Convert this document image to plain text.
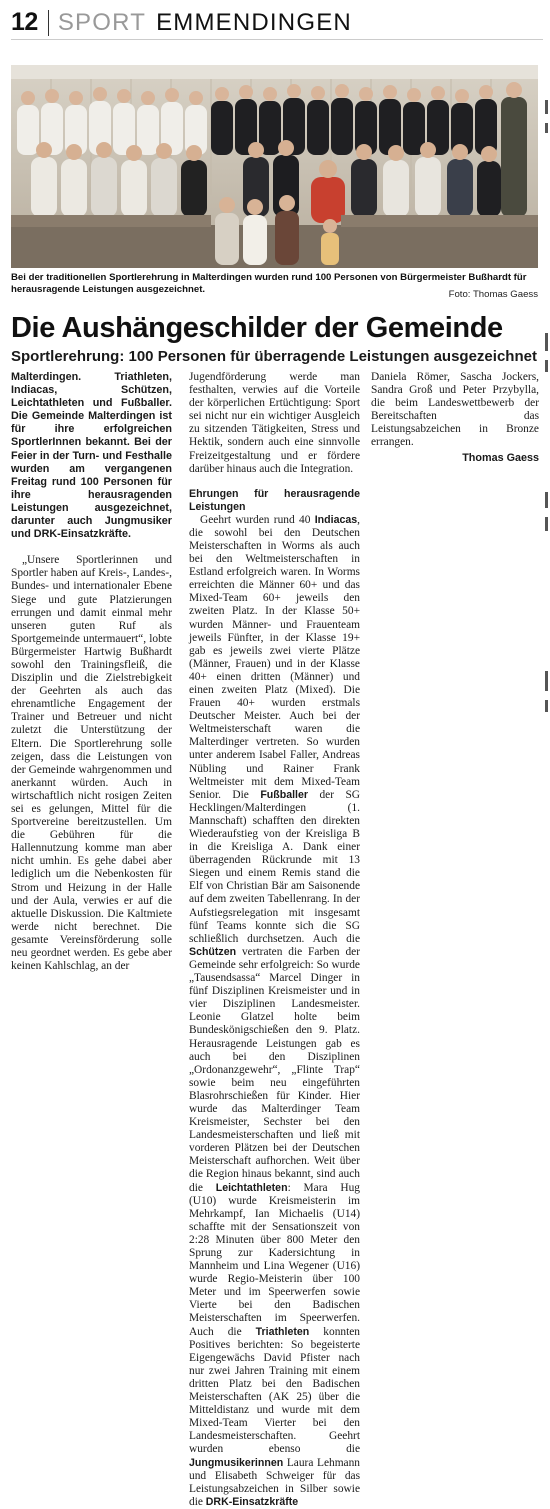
12 SPORT EMMENDINGEN

Bei der traditionellen Sportlerehrung in Malterdingen wurden rund 100 Personen von Bürgermeister Bußhardt für herausragende Leistungen ausgezeichnet.	Foto: Thomas Gaess
Die Aushängeschilder der Gemeinde
Sportlerehrung: 100 Personen für überragende Leistungen ausgezeichnet

Malterdingen. Triathleten, Indiacas, Schützen, Leichtathleten und Fußballer. Die Gemeinde Malterdingen ist für ihre erfolgreichen SportlerInnen bekannt. Bei der Feier in der Turn- und Festhalle wurden am vergangenen Freitag rund 100 Personen für ihre herausragenden Leistungen ausgezeichnet, darunter auch Jungmusiker und DRK-Einsatzkräfte.

„Unsere Sportlerinnen und Sportler haben auf Kreis-, Landes-, Bundes- und internationaler Ebene Siege und gute Platzierungen errungen und damit einmal mehr unseren guten Ruf als Sportgemeinde untermauert“, lobte Bürgermeister Hartwig Bußhardt sowohl den Trainingsfleiß, die Disziplin und die Zielstrebigkeit der Geehrten als auch das ehrenamtliche Engagement der Trainer und Betreuer und nicht zuletzt die Unterstützung der Eltern. Die Sportlerehrung solle zeigen, dass die Leistungen von der Gemeinde wahrgenommen und anerkannt würden. Auch in wirtschaftlich nicht rosigen Zeiten sei es gelungen, Mittel für die Sportvereine bereitzustellen. Um die Gebühren für die Hallennutzung komme man aber nicht umhin. Es gehe dabei aber lediglich um die Nebenkosten für Strom und Heizung in der Halle und der Aula, verwies er auf die aktuelle Diskussion. Die Kaltmiete werde nicht berechnet. Die gesamte Vereinsförderung solle neu geordnet werden. Es gebe aber keinen Kahlschlag, an der

Jugendförderung werde man festhalten, verwies auf die Vorteile der körperlichen Ertüchtigung: Sport sei nicht nur ein wichtiger Ausgleich zu sitzenden Tätigkeiten, Stress und Hektik, sondern auch eine sinnvolle Freizeitgestaltung und er fördere darüber hinaus auch die Integration.

Ehrungen für herausragende Leistungen

Geehrt wurden rund 40 Indiacas, die sowohl bei den Deutschen Meisterschaften in Worms als auch bei den Weltmeisterschaften in Estland erfolgreich waren. In Worms erreichten die Männer 60+ und das Mixed-Team 60+ jeweils den zweiten Platz. In der Klasse 50+ wurden Männer- und Frauenteam jeweils Fünfter, in der Klasse 19+ gab es jeweils zwei vierte Plätze (Männer, Frauen) und in der Klasse 40+ einen dritten (Männer) und einen zweiten Platz (Mixed). Die Frauen 40+ wurden erstmals Deutscher Meister. Auch bei der Weltmeisterschaft waren die Malterdinger vertreten. So wurden unter anderem Isabel Faller, Andreas Nübling und Rainer Frank Weltmeister mit dem Mixed-Team Senior. Die Fußballer der SG Hecklingen/Malterdingen (1. Mannschaft) schafften den direkten Wiederaufstieg von der Kreisliga B in die Kreisliga A. Dank einer überragenden Rückrunde mit 13 Siegen und einem Remis stand die Elf von Christian Bär am Saisonende auf dem zweiten Tabellenrang. In der Aufstiegsrelegation mit insgesamt fünf Teams konnte sich die SG schließlich durchsetzen. Auch die Schützen vertraten die Farben der Gemeinde sehr erfolgreich: So wurde „Tausendsassa“ Marcel Dinger in fünf Disziplinen Kreismeister und in vier Disziplinen Landesmeister. Leonie Glatzel holte beim Bundeskönigschießen den 9. Platz. Herausragende Leistungen gab es auch bei den Disziplinen „Ordonanzgewehr“, „Flinte Trap“ sowie beim neu eingeführten Blasrohrschießen für Kinder. Hier wurde das Malterdinger Team Kreismeister, Sechster bei den Landesmeisterschaften und ließ mit vorderen Plätzen bei der Deutschen Meisterschaft aufhorchen. Weit über die Region hinaus bekannt, sind auch die Leichtathleten: Mara Hug (U10) wurde Kreismeisterin im Mehrkampf, Ian Michaelis (U14) schaffte mit der Sensationszeit von 2:28 Minuten über 800 Meter den Sprung zur Kadersichtung in Mannheim und Lina Wegener (U16) wurde Regio-Meisterin über 100 Meter und im Speerwerfen sowie Vierte bei den Badischen Meisterschaften im Speerwerfen. Auch die Triathleten konnten Positives berichten: So begeisterte Eigengewächs David Pfister nach nur zwei Jahren Training mit einem dritten Platz bei den Badischen Meisterschaften (AK 25) über die Mitteldistanz und wurde mit dem Mixed-Team Vierter bei den Landesmeisterschaften. Geehrt wurden ebenso die Jungmusikerinnen Laura Lehmann und Elisabeth Schweiger für das Leistungsabzeichen in Silber sowie die DRK-Einsatzkräfte

Daniela Römer, Sascha Jockers, Sandra Groß und Peter Przybylla, die beim Landeswettbewerb der Bereitschaften das Leistungsabzeichen in Bronze errangen.

Thomas Gaess
